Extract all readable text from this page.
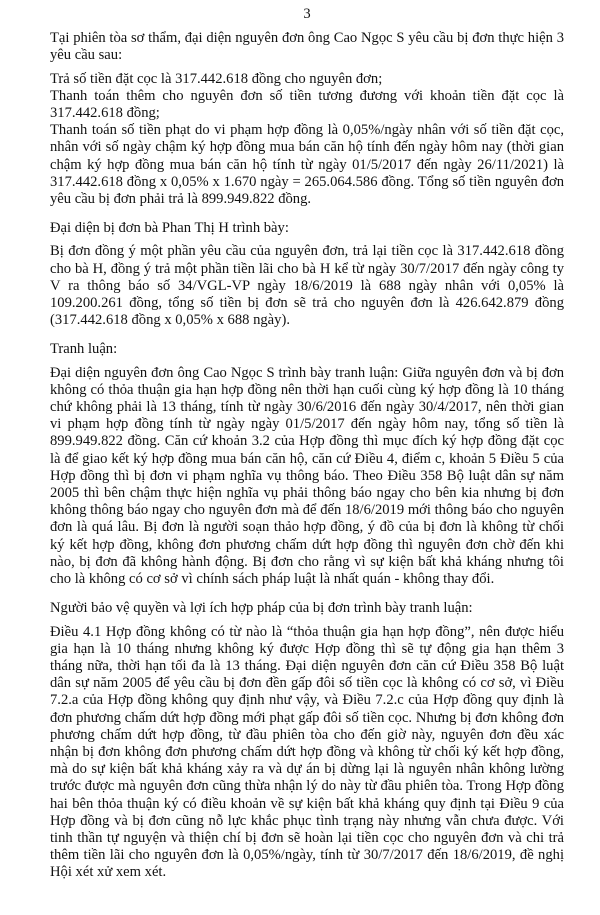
3

Tại phiên tòa sơ thẩm, đại diện nguyên đơn ông Cao Ngọc S yêu cầu bị đơn thực hiện 3 yêu cầu sau:

Trả số tiền đặt cọc là 317.442.618 đồng cho nguyên đơn;

Thanh toán thêm cho nguyên đơn số tiền tương đương với khoản tiền đặt cọc là 317.442.618 đồng;

Thanh toán số tiền phạt do vi phạm hợp đồng là 0,05%/ngày nhân với số tiền đặt cọc, nhân với số ngày chậm ký hợp đồng mua bán căn hộ tính đến ngày hôm nay (thời gian chậm ký hợp đồng mua bán căn hộ tính từ ngày 01/5/2017 đến ngày 26/11/2021) là 317.442.618 đồng x 0,05% x 1.670 ngày = 265.064.586 đồng. Tổng số tiền nguyên đơn yêu cầu bị đơn phải trả là 899.949.822 đồng.

Đại diện bị đơn bà Phan Thị H trình bày:

Bị đơn đồng ý một phần yêu cầu của nguyên đơn, trả lại tiền cọc là 317.442.618 đồng cho bà H, đồng ý trả một phần tiền lãi cho bà H kể từ ngày 30/7/2017 đến ngày công ty V ra thông báo số 34/VGL-VP ngày 18/6/2019 là 688 ngày nhân với 0,05% là 109.200.261 đồng, tổng số tiền bị đơn sẽ trả cho nguyên đơn là 426.642.879 đồng (317.442.618 đồng x 0,05% x 688 ngày).

Tranh luận:

Đại diện nguyên đơn ông Cao Ngọc S trình bày tranh luận: Giữa nguyên đơn và bị đơn không có thỏa thuận gia hạn hợp đồng nên thời hạn cuối cùng ký hợp đồng là 10 tháng chứ không phải là 13 tháng, tính từ ngày 30/6/2016 đến ngày 30/4/2017, nên thời gian vi phạm hợp đồng tính từ ngày ngày 01/5/2017 đến ngày hôm nay, tổng số tiền là 899.949.822 đồng. Căn cứ khoản 3.2 của Hợp đồng thì mục đích ký hợp đồng đặt cọc là để giao kết ký hợp đồng mua bán căn hộ, căn cứ Điều 4, điểm c, khoản 5 Điều 5 của Hợp đồng thì bị đơn vi phạm nghĩa vụ thông báo. Theo Điều 358 Bộ luật dân sự năm 2005 thì bên chậm thực hiện nghĩa vụ phải thông báo ngay cho bên kia nhưng bị đơn không thông báo ngay cho nguyên đơn mà để đến 18/6/2019 mới thông báo cho nguyên đơn là quá lâu. Bị đơn là người soạn thảo hợp đồng, ý đồ của bị đơn là không từ chối ký kết hợp đồng, không đơn phương chấm dứt hợp đồng thì nguyên đơn chờ đến khi nào, bị đơn đã không hành động. Bị đơn cho rằng vì sự kiện bất khả kháng nhưng tôi cho là không có cơ sở vì chính sách pháp luật là nhất quán - không thay đổi.

Người bảo vệ quyền và lợi ích hợp pháp của bị đơn trình bày tranh luận:

Điều 4.1 Hợp đồng không có từ nào là “thỏa thuận gia hạn hợp đồng”, nên được hiểu gia hạn là 10 tháng nhưng không ký được Hợp đồng thì sẽ tự động gia hạn thêm 3 tháng nữa, thời hạn tối đa là 13 tháng. Đại diện nguyên đơn căn cứ Điều 358 Bộ luật dân sự năm 2005 để yêu cầu bị đơn đền gấp đôi số tiền cọc là không có cơ sở, vì Điều 7.2.a của Hợp đồng không quy định như vậy, và Điều 7.2.c của Hợp đồng quy định là đơn phương chấm dứt hợp đồng mới phạt gấp đôi số tiền cọc. Nhưng bị đơn không đơn phương chấm dứt hợp đồng, từ đầu phiên tòa cho đến giờ này, nguyên đơn đều xác nhận bị đơn không đơn phương chấm dứt hợp đồng và không từ chối ký kết hợp đồng, mà do sự kiện bất khả kháng xảy ra và dự án bị dừng lại là nguyên nhân không lường trước được mà nguyên đơn cũng thừa nhận lý do này từ đầu phiên tòa. Trong Hợp đồng hai bên thỏa thuận ký có điều khoản về sự kiện bất khả kháng quy định tại Điều 9 của Hợp đồng và bị đơn cũng nỗ lực khắc phục tình trạng này nhưng vẫn chưa được. Với tinh thần tự nguyện và thiện chí bị đơn sẽ hoàn lại tiền cọc cho nguyên đơn và chi trả thêm tiền lãi cho nguyên đơn là 0,05%/ngày, tính từ 30/7/2017 đến 18/6/2019, đề nghị Hội xét xử xem xét.
